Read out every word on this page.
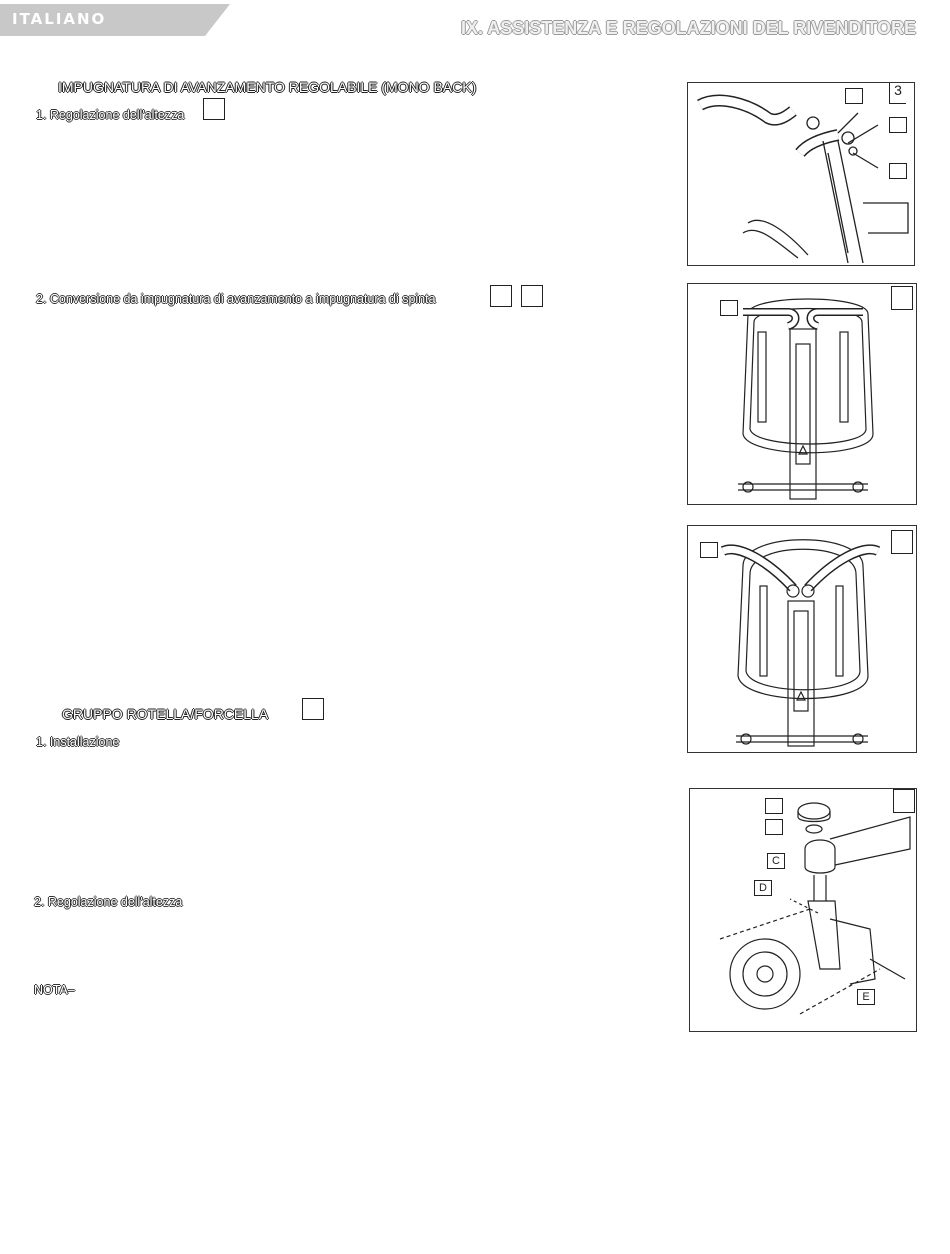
ITALIANO	IX. ASSISTENZA E REGOLAZIONI DEL RIVENDITORE
IMPUGNATURA DI AVANZAMENTO REGOLABILE (MONO BACK)
1. Regolazione dell'altezza
2. Conversione da impugnatura di avanzamento a impugnatura di spinta
GRUPPO ROTELLA/FORCELLA
1. Installazione
2. Regolazione dell'altezza
NOTA–
3
C
D
E
